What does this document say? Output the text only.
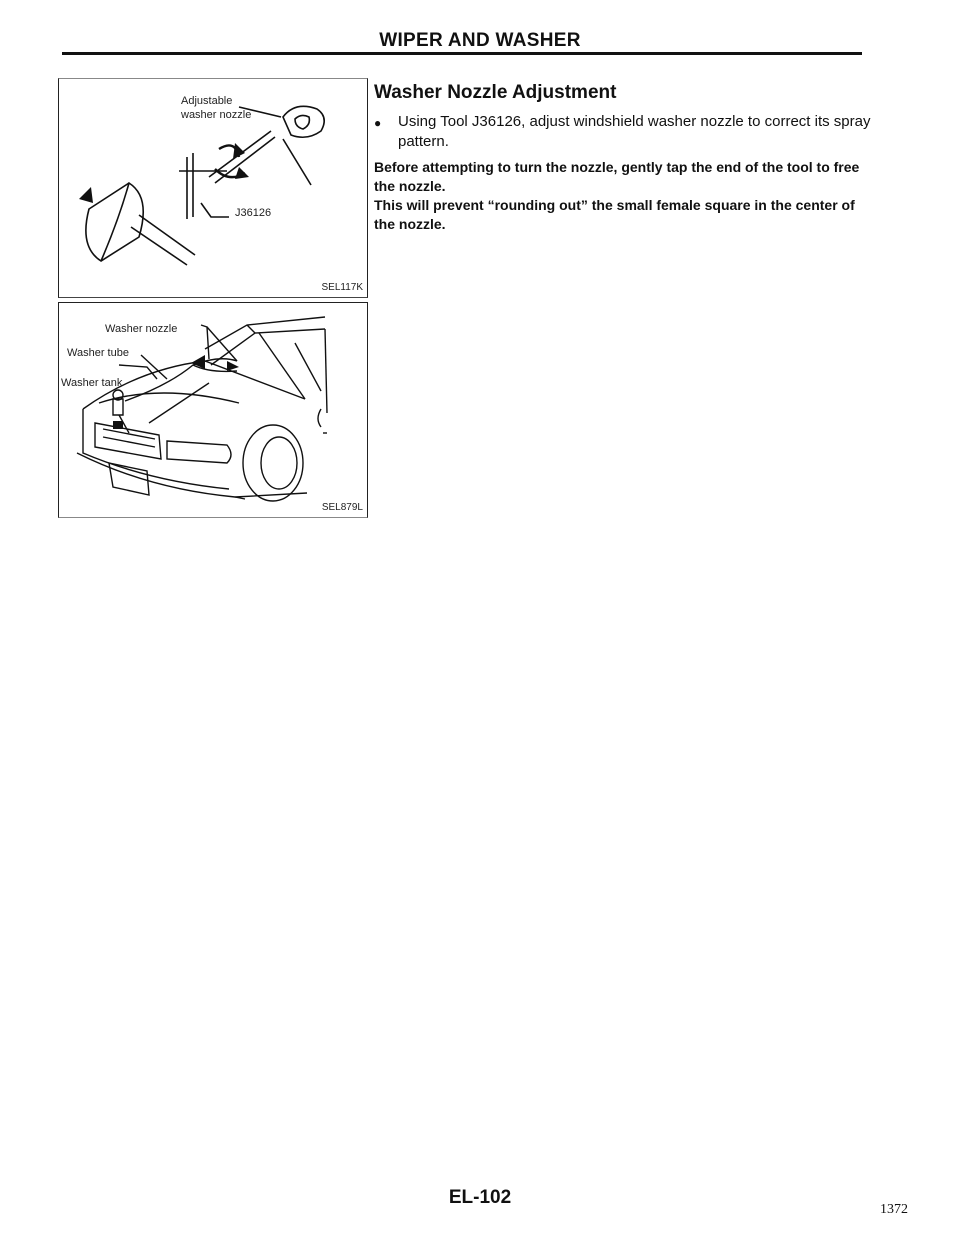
WIPER AND WASHER
Adjustable
washer nozzle
J36126
SEL117K
Washer nozzle
Washer tube
Washer tank
SEL879L
Washer Nozzle Adjustment
●	Using Tool J36126, adjust windshield washer nozzle to correct its spray pattern.

Before attempting to turn the nozzle, gently tap the end of the tool to free the nozzle.

This will prevent “rounding out” the small female square in the center of the nozzle.

EL-102
1372
